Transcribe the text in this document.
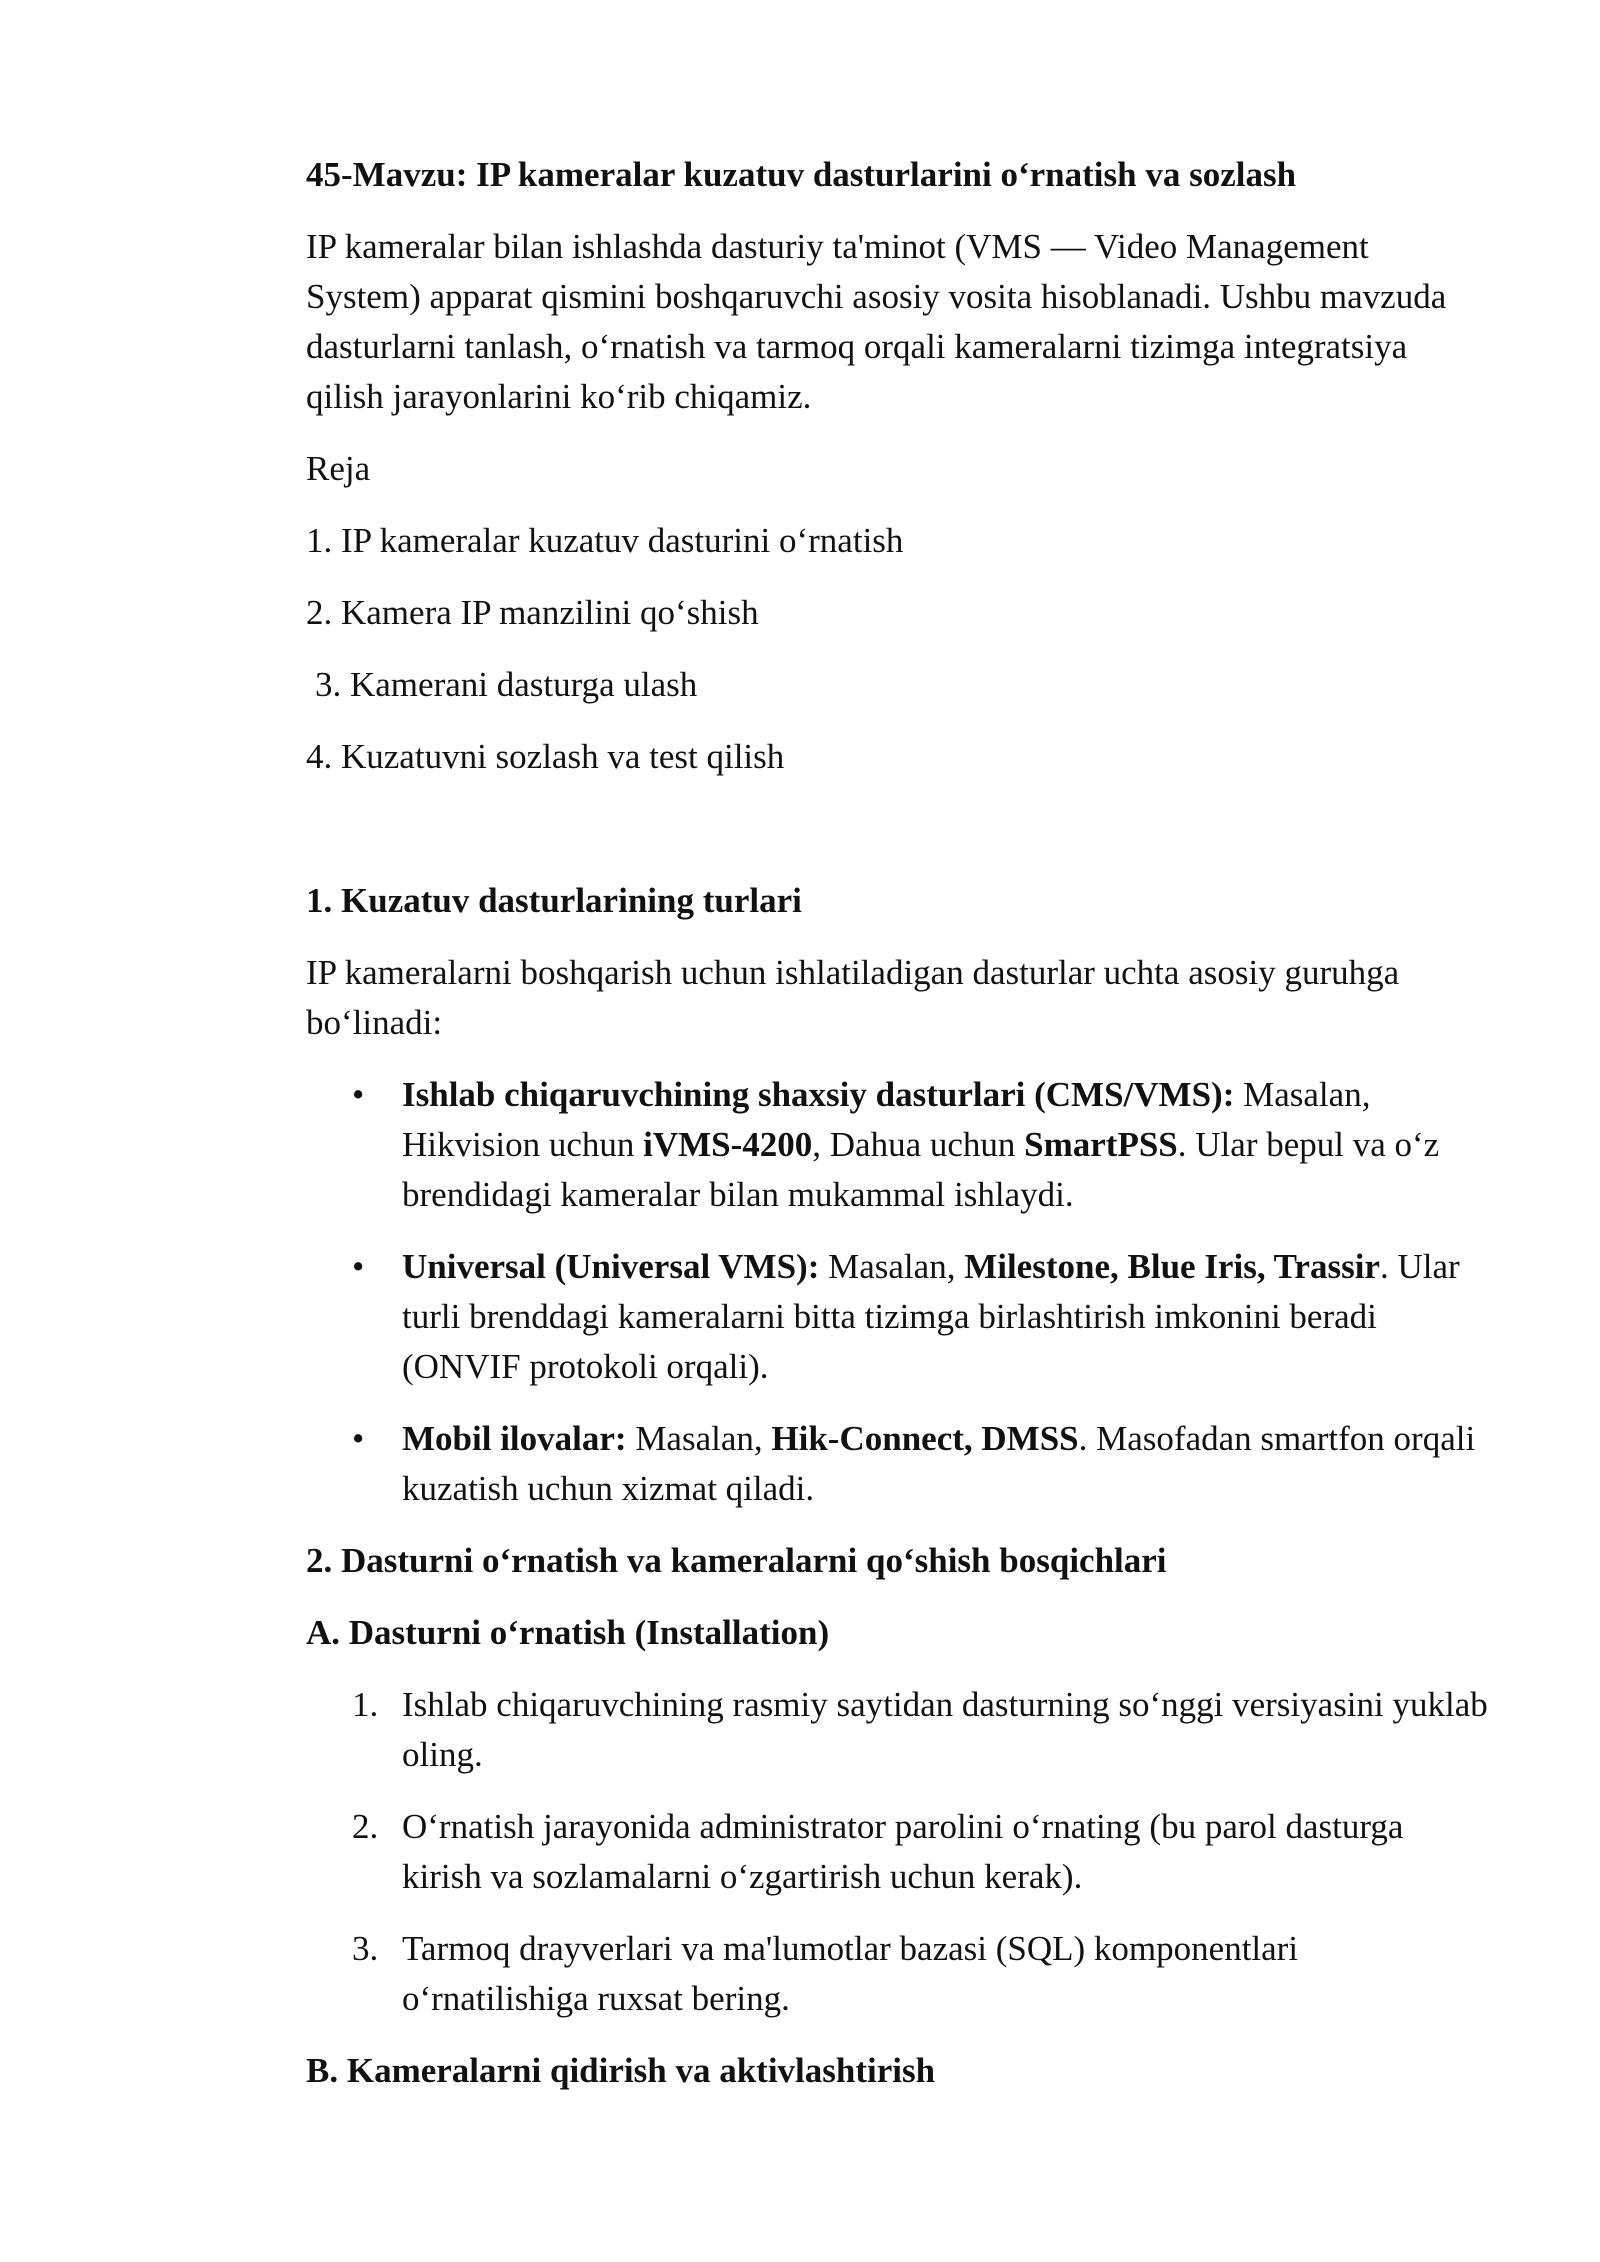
45-Mavzu: IP kameralar kuzatuv dasturlarini o‘rnatish va sozlash

IP kameralar bilan ishlashda dasturiy ta'minot (VMS — Video Management System) apparat qismini boshqaruvchi asosiy vosita hisoblanadi. Ushbu mavzuda dasturlarni tanlash, o‘rnatish va tarmoq orqali kameralarni tizimga integratsiya qilish jarayonlarini ko‘rib chiqamiz.

Reja

1. IP kameralar kuzatuv dasturini o‘rnatish

2. Kamera IP manzilini qo‘shish

3. Kamerani dasturga ulash

4. Kuzatuvni sozlash va test qilish

1. Kuzatuv dasturlarining turlari

IP kameralarni boshqarish uchun ishlatiladigan dasturlar uchta asosiy guruhga bo‘linadi:

• Ishlab chiqaruvchining shaxsiy dasturlari (CMS/VMS): Masalan, Hikvision uchun iVMS-4200, Dahua uchun SmartPSS. Ular bepul va o‘z brendidagi kameralar bilan mukammal ishlaydi.
• Universal (Universal VMS): Masalan, Milestone, Blue Iris, Trassir. Ular turli brenddagi kameralarni bitta tizimga birlashtirish imkonini beradi (ONVIF protokoli orqali).
• Mobil ilovalar: Masalan, Hik-Connect, DMSS. Masofadan smartfon orqali kuzatish uchun xizmat qiladi.
2. Dasturni o‘rnatish va kameralarni qo‘shish bosqichlari
A. Dasturni o‘rnatish (Installation)
1. Ishlab chiqaruvchining rasmiy saytidan dasturning so‘nggi versiyasini yuklab oling.
2. O‘rnatish jarayonida administrator parolini o‘rnating (bu parol dasturga kirish va sozlamalarni o‘zgartirish uchun kerak).
3. Tarmoq drayverlari va ma'lumotlar bazasi (SQL) komponentlari o‘rnatilishiga ruxsat bering.
B. Kameralarni qidirish va aktivlashtirish
